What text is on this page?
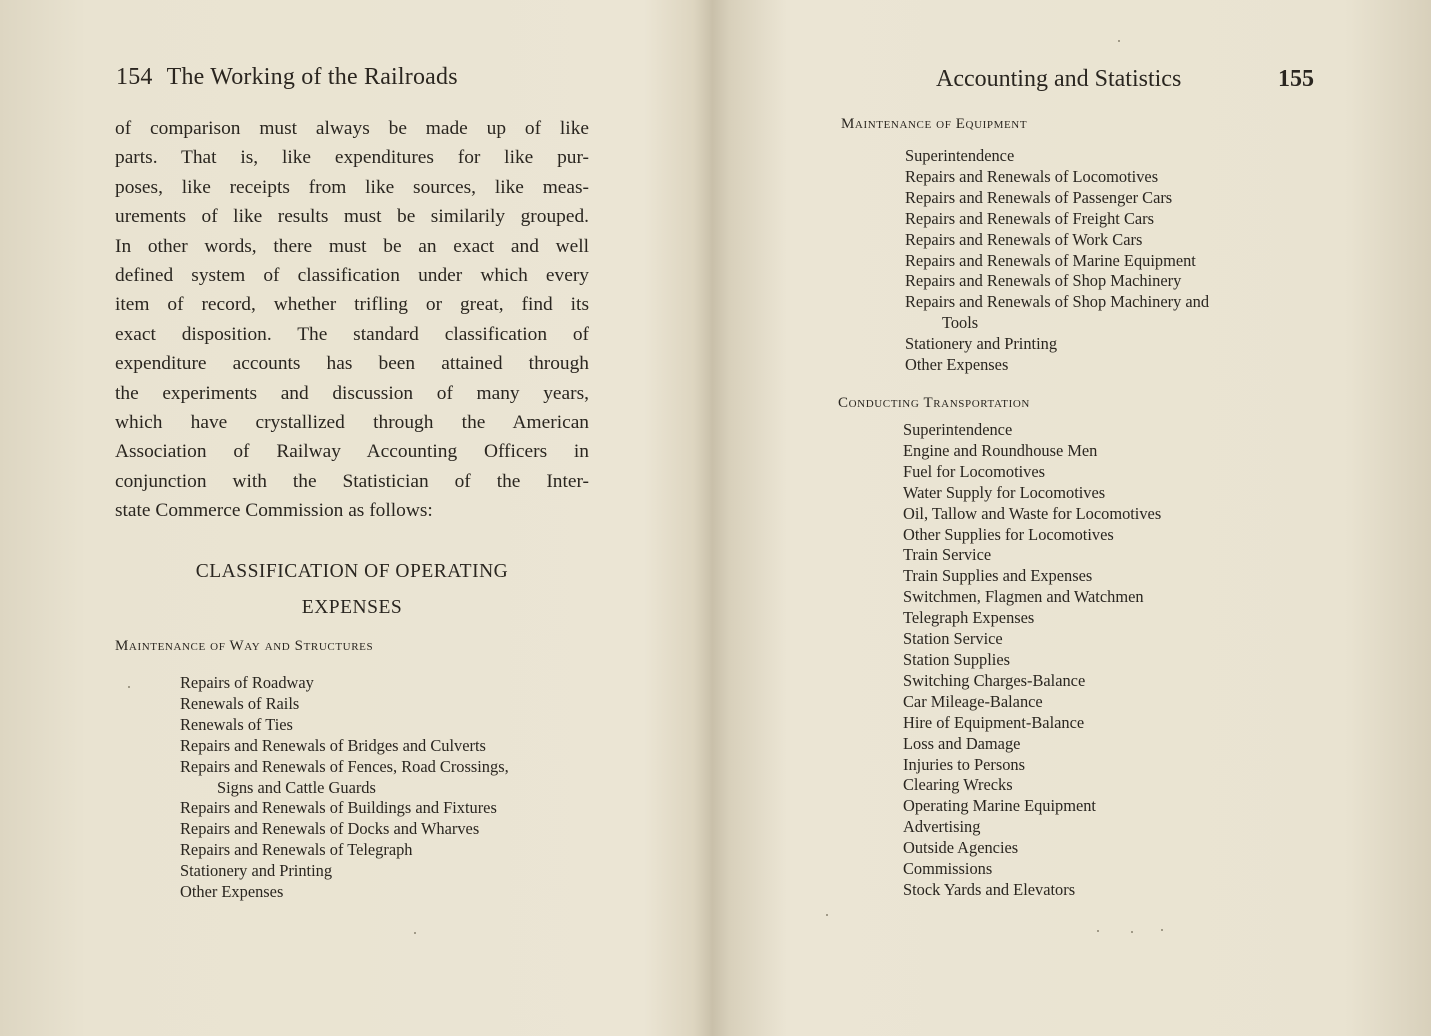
154 The Working of the Railroads

of comparison must always be made up of like
parts. That is, like expenditures for like pur-
poses, like receipts from like sources, like meas-
urements of like results must be similarily grouped.
In other words, there must be an exact and well
defined system of classification under which every
item of record, whether trifling or great, find its
exact disposition. The standard classification of
expenditure accounts has been attained through
the experiments and discussion of many years,
which have crystallized through the American
Association of Railway Accounting Officers in
conjunction with the Statistician of the Inter-
state Commerce Commission as follows:

CLASSIFICATION OF OPERATING

EXPENSES

Maintenance of Way and Structures

Repairs of Roadway
Renewals of Rails
Renewals of Ties
Repairs and Renewals of Bridges and Culverts
Repairs and Renewals of Fences, Road Crossings,
Signs and Cattle Guards
Repairs and Renewals of Buildings and Fixtures
Repairs and Renewals of Docks and Wharves
Repairs and Renewals of Telegraph
Stationery and Printing
Other Expenses
Accounting and Statistics	155

Maintenance of Equipment

Superintendence
Repairs and Renewals of Locomotives
Repairs and Renewals of Passenger Cars
Repairs and Renewals of Freight Cars
Repairs and Renewals of Work Cars
Repairs and Renewals of Marine Equipment
Repairs and Renewals of Shop Machinery
Repairs and Renewals of Shop Machinery and
Tools
Stationery and Printing
Other Expenses

Conducting Transportation

Superintendence
Engine and Roundhouse Men
Fuel for Locomotives
Water Supply for Locomotives
Oil, Tallow and Waste for Locomotives
Other Supplies for Locomotives
Train Service
Train Supplies and Expenses
Switchmen, Flagmen and Watchmen
Telegraph Expenses
Station Service
Station Supplies
Switching Charges-Balance
Car Mileage-Balance
Hire of Equipment-Balance
Loss and Damage
Injuries to Persons
Clearing Wrecks
Operating Marine Equipment
Advertising
Outside Agencies
Commissions
Stock Yards and Elevators
